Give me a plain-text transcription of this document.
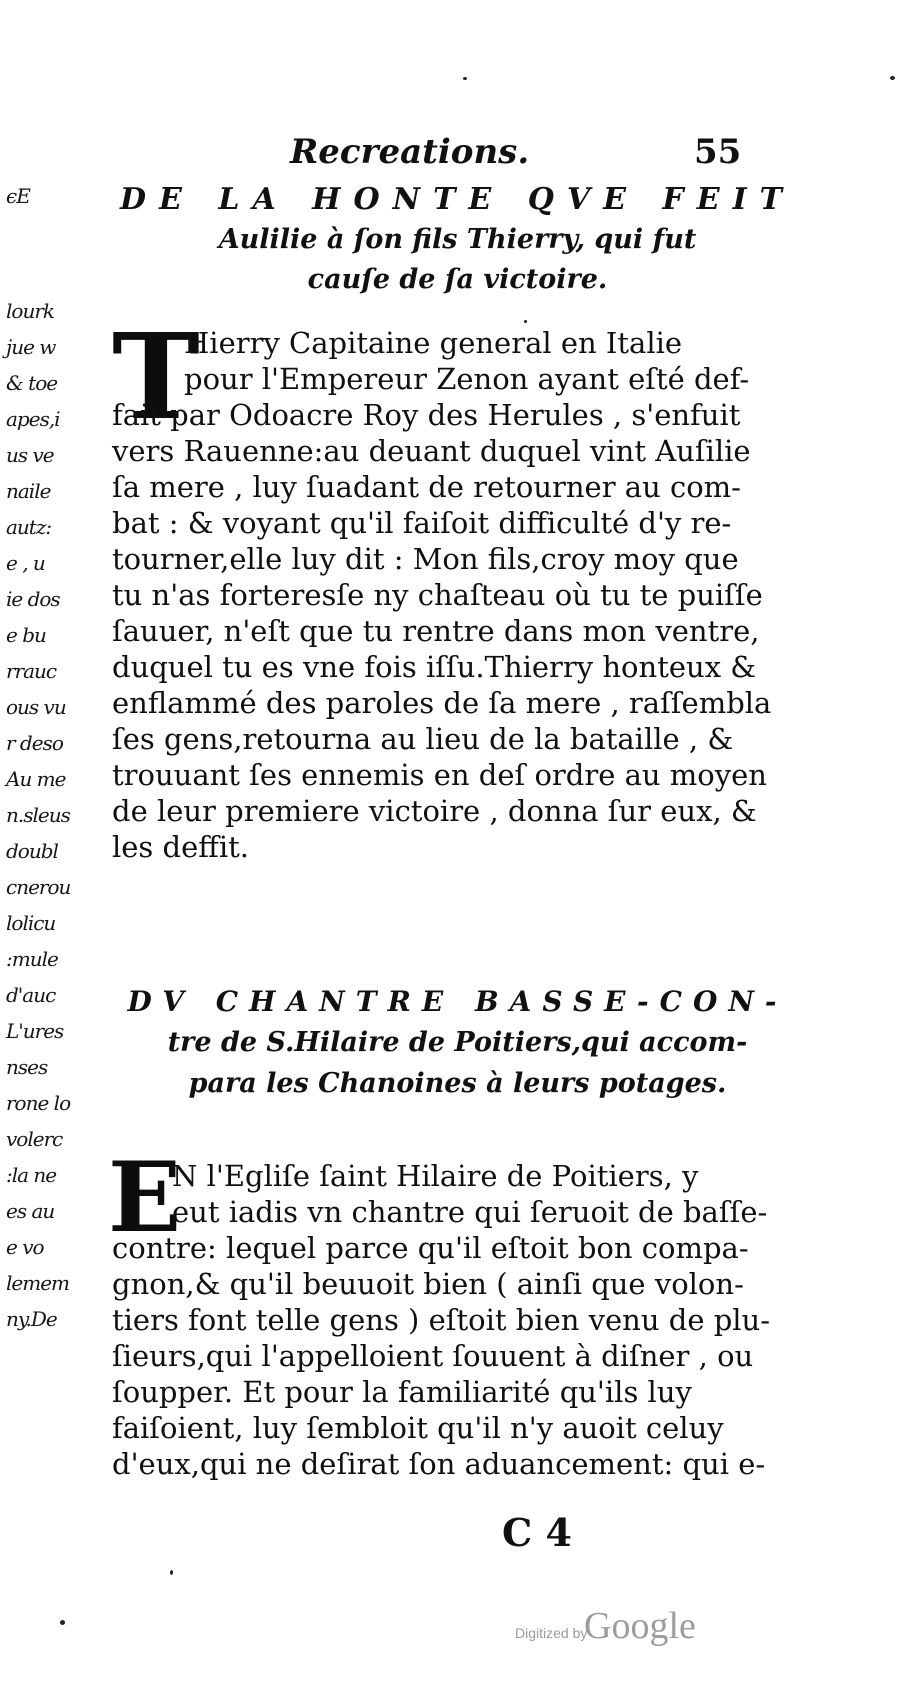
ϵE
lourk
jue w
& toe
apes,i
us ve
naile
autz:
e , u
ie dos
e bu
rrauc
ous vu
r deso
Au me
n.sleus
doubl
cnerou
lolicu
:mule
d'auc
L'ures
nses
rone lo
volerc
:la ne
es au
e vo
lemem
ny.De
Recreations.	55
DE LA HONTE QVE FEIT
Aulilie à ſon fils Thierry, qui fut
cauſe de ſa victoire.
T
Hierry Capitaine general en Italie
pour l'Empereur Zenon ayant eſté def-
fait par Odoacre Roy des Herules , s'enfuit
vers Rauenne:au deuant duquel vint Auſilie
ſa mere , luy ſuadant de retourner au com-
bat : & voyant qu'il faiſoit difficulté d'y re-
tourner,elle luy dit : Mon fils,croy moy que
tu n'as forteresſe ny chaſteau où tu te puiſſe
ſauuer, n'eſt que tu rentre dans mon ventre,
duquel tu es vne fois iſſu.Thierry honteux &
enflammé des paroles de ſa mere , raſſembla
ſes gens,retourna au lieu de la bataille , &
trouuant ſes ennemis en deſ ordre au moyen
de leur premiere victoire , donna ſur eux, &
les deffit.
DV CHANTRE BASSE-CON-
tre de S.Hilaire de Poitiers,qui accom-
para les Chanoines à leurs potages.
E
N l'Egliſe ſaint Hilaire de Poitiers, y
eut iadis vn chantre qui ſeruoit de baſſe-
contre: lequel parce qu'il eſtoit bon compa-
gnon,& qu'il beuuoit bien ( ainſi que volon-
tiers font telle gens ) eſtoit bien venu de plu-
ſieurs,qui l'appelloient ſouuent à diſner , ou
ſoupper. Et pour la familiarité qu'ils luy
faiſoient, luy ſembloit qu'il n'y auoit celuy
d'eux,qui ne deſirat ſon aduancement: qui e-
C 4
Digitized by
Google
